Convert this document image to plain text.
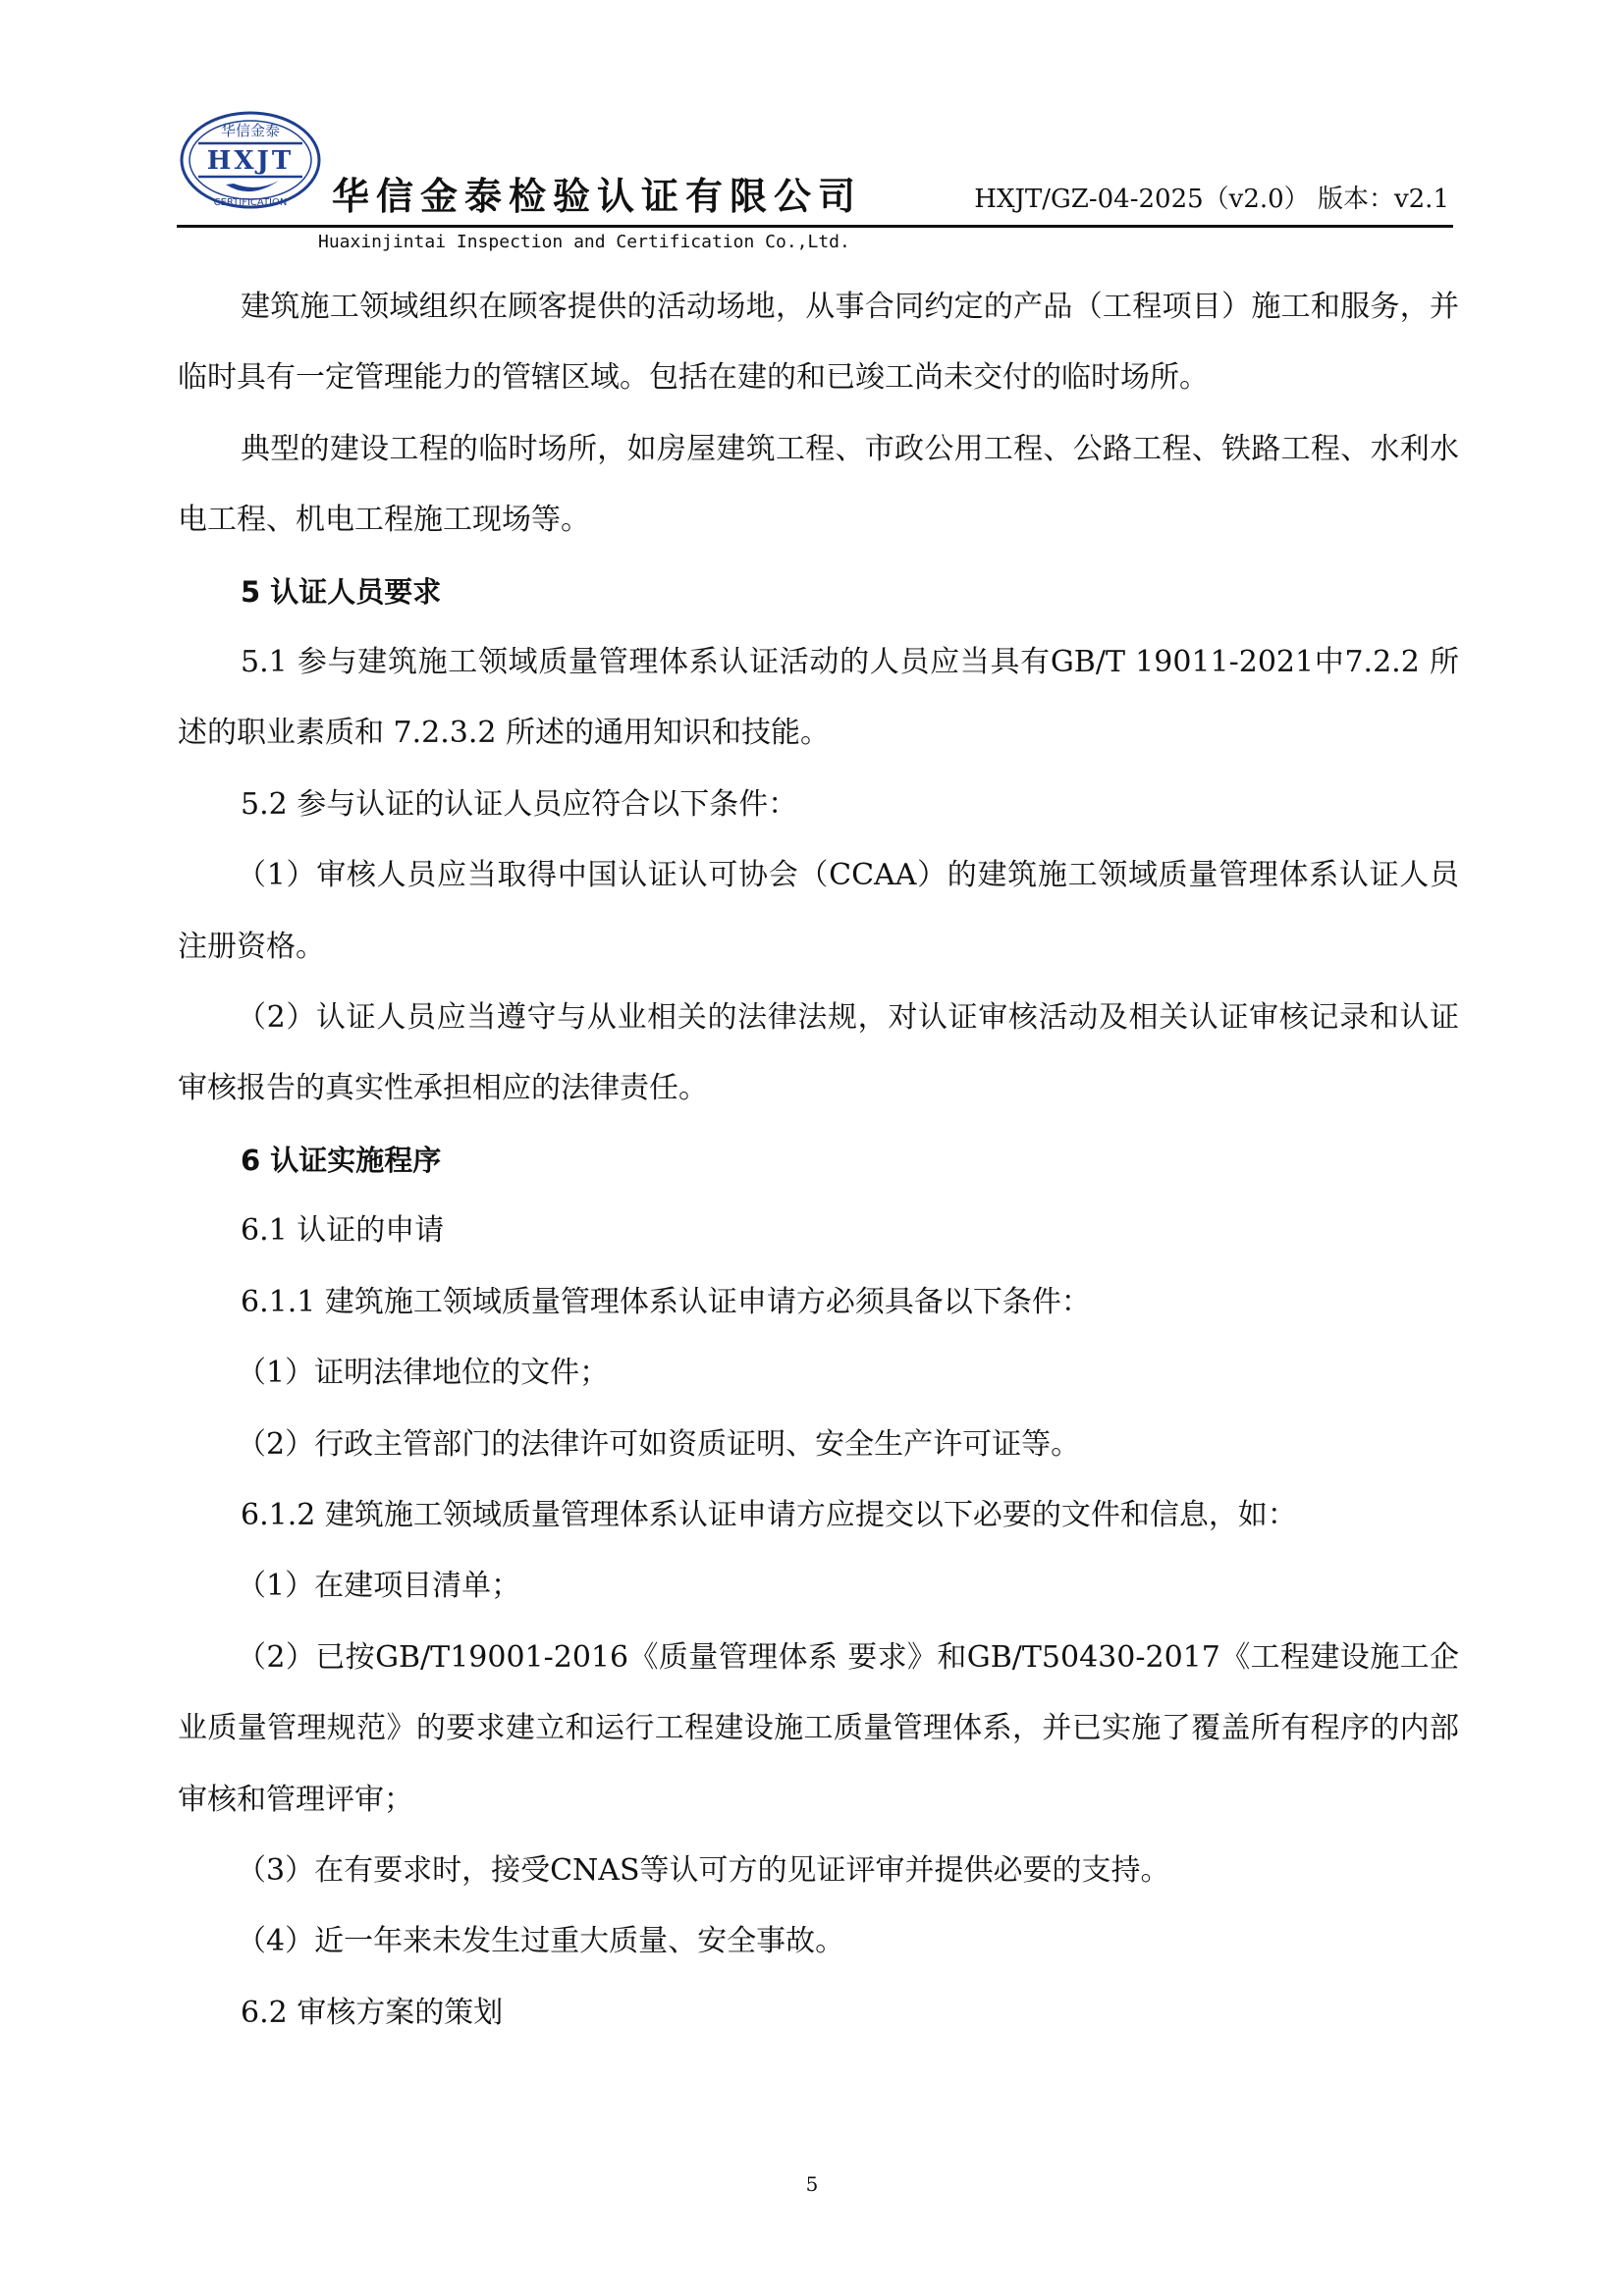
华信金泰
HXJT
CERTIFICATION 华信金泰检验认证有限公司	HXJT/GZ-04-2025（v2.0） 版本：v2.1
Huaxinjintai Inspection and Certification Co.,Ltd.

建筑施工领域组织在顾客提供的活动场地，从事合同约定的产品（工程项目）施工和服务，并临时具有一定管理能力的管辖区域。包括在建的和已竣工尚未交付的临时场所。

典型的建设工程的临时场所，如房屋建筑工程、市政公用工程、公路工程、铁路工程、水利水电工程、机电工程施工现场等。

5 认证人员要求

5.1 参与建筑施工领域质量管理体系认证活动的人员应当具有GB/T 19011-2021中7.2.2 所述的职业素质和 7.2.3.2 所述的通用知识和技能。

5.2 参与认证的认证人员应符合以下条件：

（1）审核人员应当取得中国认证认可协会（CCAA）的建筑施工领域质量管理体系认证人员注册资格。

（2）认证人员应当遵守与从业相关的法律法规，对认证审核活动及相关认证审核记录和认证审核报告的真实性承担相应的法律责任。

6 认证实施程序

6.1 认证的申请

6.1.1 建筑施工领域质量管理体系认证申请方必须具备以下条件：

（1）证明法律地位的文件；

（2）行政主管部门的法律许可如资质证明、安全生产许可证等。

6.1.2 建筑施工领域质量管理体系认证申请方应提交以下必要的文件和信息，如：

（1）在建项目清单；

（2）已按GB/T19001-2016《质量管理体系 要求》和GB/T50430-2017《工程建设施工企业质量管理规范》的要求建立和运行工程建设施工质量管理体系，并已实施了覆盖所有程序的内部审核和管理评审；

（3）在有要求时，接受CNAS等认可方的见证评审并提供必要的支持。

（4）近一年来未发生过重大质量、安全事故。

6.2 审核方案的策划

5
